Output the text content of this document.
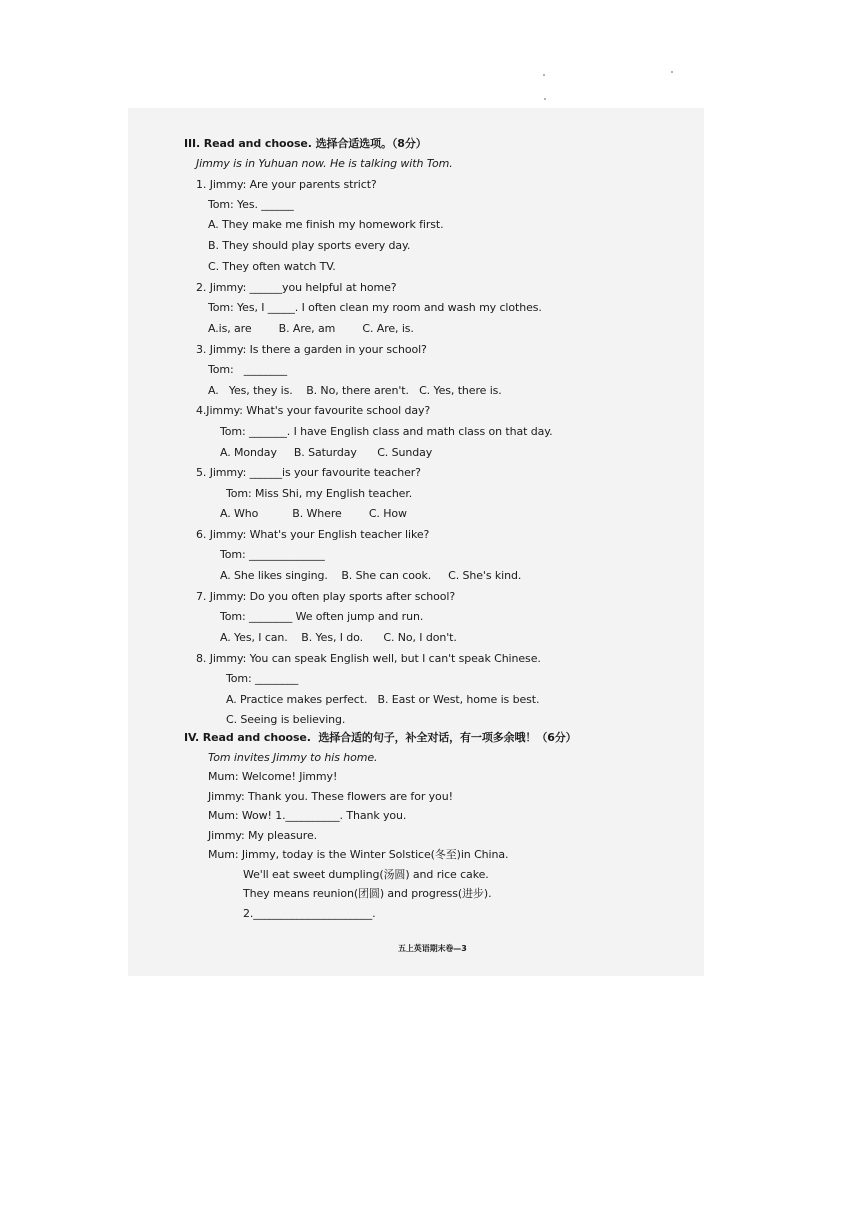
III. Read and choose. 选择合适选项。（8分）
Jimmy is in Yuhuan now. He is talking with Tom.
1. Jimmy: Are your parents strict?
Tom: Yes. ______
A. They make me finish my homework first.
B. They should play sports every day.
C. They often watch TV.
2. Jimmy: ______you helpful at home?
Tom: Yes, I _____. I often clean my room and wash my clothes.
A.is, are        B. Are, am        C. Are, is.
3. Jimmy: Is there a garden in your school?
Tom:   ________
A.   Yes, they is.    B. No, there aren't.   C. Yes, there is.
4.Jimmy: What's your favourite school day?
Tom: _______. I have English class and math class on that day.
A. Monday     B. Saturday      C. Sunday
5. Jimmy: ______is your favourite teacher?
Tom: Miss Shi, my English teacher.
A. Who          B. Where        C. How
6. Jimmy: What's your English teacher like?
Tom: ______________
A. She likes singing.    B. She can cook.     C. She's kind.
7. Jimmy: Do you often play sports after school?
Tom: ________ We often jump and run.
A. Yes, I can.    B. Yes, I do.      C. No, I don't.
8. Jimmy: You can speak English well, but I can't speak Chinese.
Tom: ________
A. Practice makes perfect.   B. East or West, home is best.
C. Seeing is believing.
IV. Read and choose.  选择合适的句子，补全对话，有一项多余哦！（6分）
Tom invites Jimmy to his home.
Mum: Welcome! Jimmy!
Jimmy: Thank you. These flowers are for you!
Mum: Wow! 1.__________. Thank you.
Jimmy: My pleasure.
Mum: Jimmy, today is the Winter Solstice(冬至)in China.
We'll eat sweet dumpling(汤圆) and rice cake.
They means reunion(团圆) and progress(进步).
2.______________________.
五上英语期末卷—3
